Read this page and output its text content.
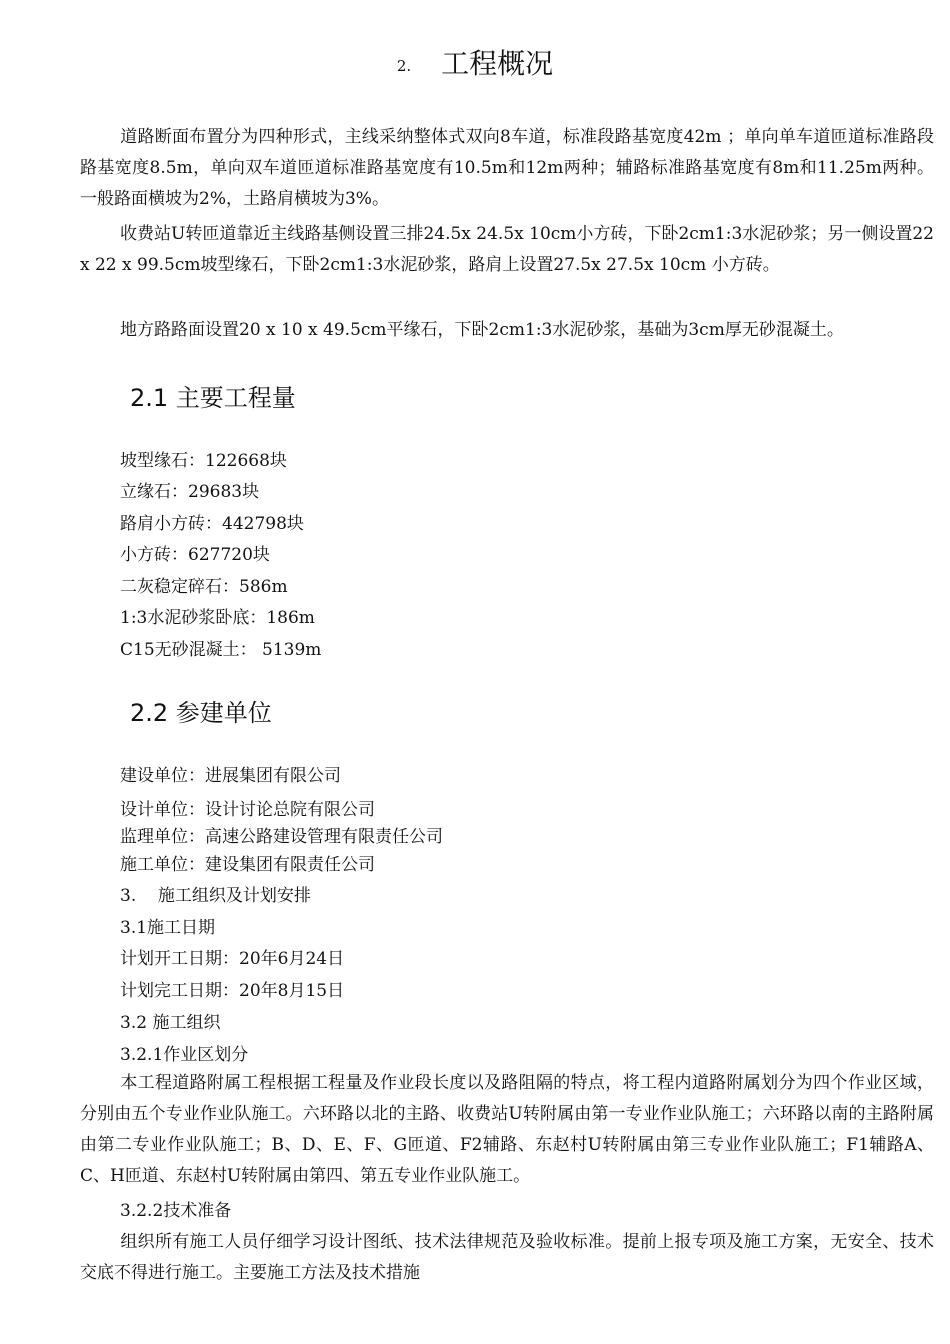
2. 工程概况
道路断面布置分为四种形式，主线采纳整体式双向8车道，标准段路基宽度42m ；单向单车道匝道标准路段路基宽度8.5m，单向双车道匝道标准路基宽度有10.5m和12m两种；辅路标准路基宽度有8m和11.25m两种。一般路面横坡为2%，土路肩横坡为3%。
收费站U转匝道靠近主线路基侧设置三排24.5x 24.5x 10cm小方砖，下卧2cm1:3水泥砂浆；另一侧设置22 x 22 x 99.5cm坡型缘石，下卧2cm1:3水泥砂浆，路肩上设置27.5x 27.5x 10cm 小方砖。
地方路路面设置20 x 10 x 49.5cm平缘石，下卧2cm1:3水泥砂浆，基础为3cm厚无砂混凝土。
2.1 主要工程量
坡型缘石：122668块
立缘石：29683块
路肩小方砖：442798块
小方砖：627720块
二灰稳定碎石：586m
1:3水泥砂浆卧底：186m
C15无砂混凝土： 5139m
2.2 参建单位
建设单位：进展集团有限公司
设计单位：设计讨论总院有限公司
监理单位：高速公路建设管理有限责任公司
施工单位：建设集团有限责任公司
3.    施工组织及计划安排
3.1施工日期
计划开工日期：20年6月24日
计划完工日期：20年8月15日
3.2 施工组织
3.2.1作业区划分
本工程道路附属工程根据工程量及作业段长度以及路阻隔的特点，将工程内道路附属划分为四个作业区域，分别由五个专业作业队施工。六环路以北的主路、收费站U转附属由第一专业作业队施工；六环路以南的主路附属由第二专业作业队施工；B、D、E、F、G匝道、F2辅路、东赵村U转附属由第三专业作业队施工；F1辅路A、C、H匝道、东赵村U转附属由第四、第五专业作业队施工。
3.2.2技术准备
组织所有施工人员仔细学习设计图纸、技术法律规范及验收标准。提前上报专项及施工方案，无安全、技术交底不得进行施工。主要施工方法及技术措施
